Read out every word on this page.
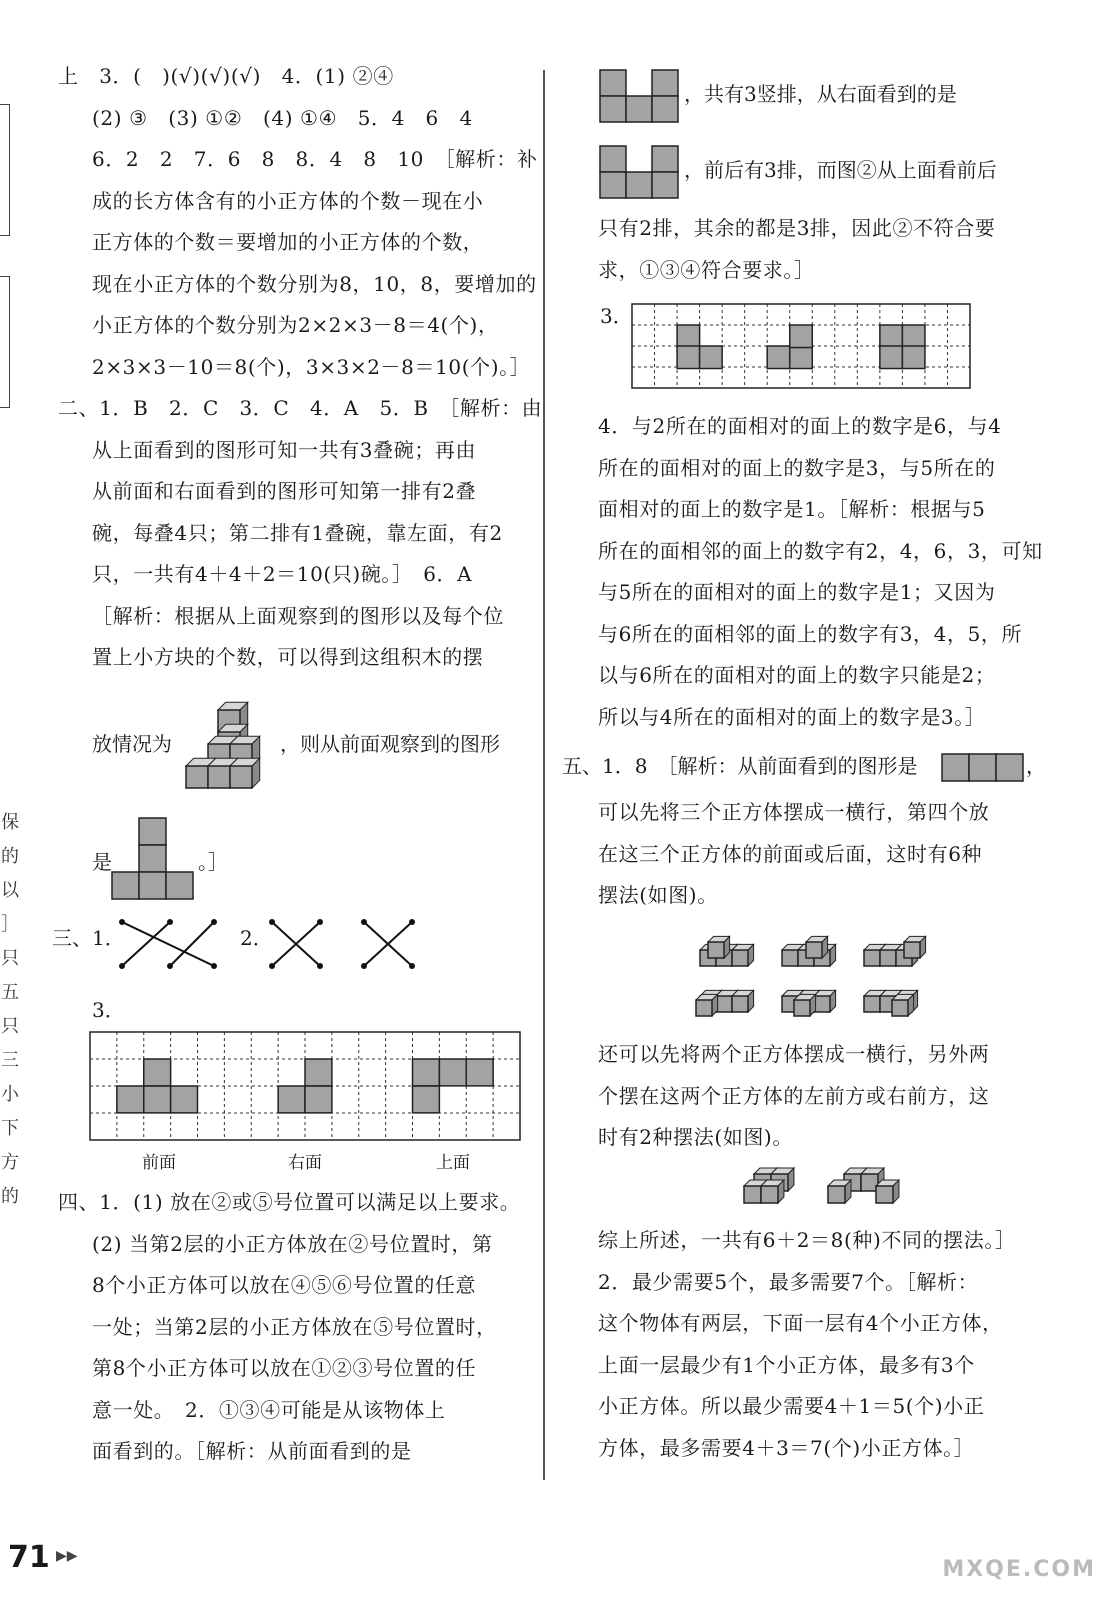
保
的
以
］
只
五
只
三
小
下
方
的
上　3．(　)(√)(√)(√)　4．(1) ②④
(2) ③　(3) ①②　(4) ①④　5．4　6　4
6．2　2　7．6　8　8．4　8　10　［解析：补
成的长方体含有的小正方体的个数－现在小
正方体的个数＝要增加的小正方体的个数，
现在小正方体的个数分别为8，10，8，要增加的
小正方体的个数分别为2×2×3－8＝4(个)，
2×3×3－10＝8(个)，3×3×2－8＝10(个)。］
二、1．B　2．C　3．C　4．A　5．B　［解析：由
从上面看到的图形可知一共有3叠碗；再由
从前面和右面看到的图形可知第一排有2叠
碗，每叠4只；第二排有1叠碗，靠左面，有2
只，一共有4＋4＋2＝10(只)碗。］　6．A
［解析：根据从上面观察到的图形以及每个位
置上小方块的个数，可以得到这组积木的摆
放情况为	，则从前面观察到的图形
是	。］
三、1．	2．
3．
前面	右面	上面
四、1．(1) 放在②或⑤号位置可以满足以上要求。
(2) 当第2层的小正方体放在②号位置时，第
8个小正方体可以放在④⑤⑥号位置的任意
一处；当第2层的小正方体放在⑤号位置时，
第8个小正方体可以放在①②③号位置的任
意一处。　2．①③④可能是从该物体上
面看到的。［解析：从前面看到的是
，共有3竖排，从右面看到的是
，前后有3排，而图②从上面看前后
只有2排，其余的都是3排，因此②不符合要
求，①③④符合要求。］
3．
4．与2所在的面相对的面上的数字是6，与4
所在的面相对的面上的数字是3，与5所在的
面相对的面上的数字是1。［解析：根据与5
所在的面相邻的面上的数字有2，4，6，3，可知
与5所在的面相对的面上的数字是1；又因为
与6所在的面相邻的面上的数字有3，4，5，所
以与6所在的面相对的面上的数字只能是2；
所以与4所在的面相对的面上的数字是3。］
五、1．8　［解析：从前面看到的图形是	，
可以先将三个正方体摆成一横行，第四个放
在这三个正方体的前面或后面，这时有6种
摆法(如图)。
还可以先将两个正方体摆成一横行，另外两
个摆在这两个正方体的左前方或右前方，这
时有2种摆法(如图)。
综上所述，一共有6＋2＝8(种)不同的摆法。］
2．最少需要5个，最多需要7个。［解析：
这个物体有两层，下面一层有4个小正方体，
上面一层最少有1个小正方体，最多有3个
小正方体。所以最少需要4＋1＝5(个)小正
方体，最多需要4＋3＝7(个)小正方体。］
71 ▶▶
MXQE.COM
